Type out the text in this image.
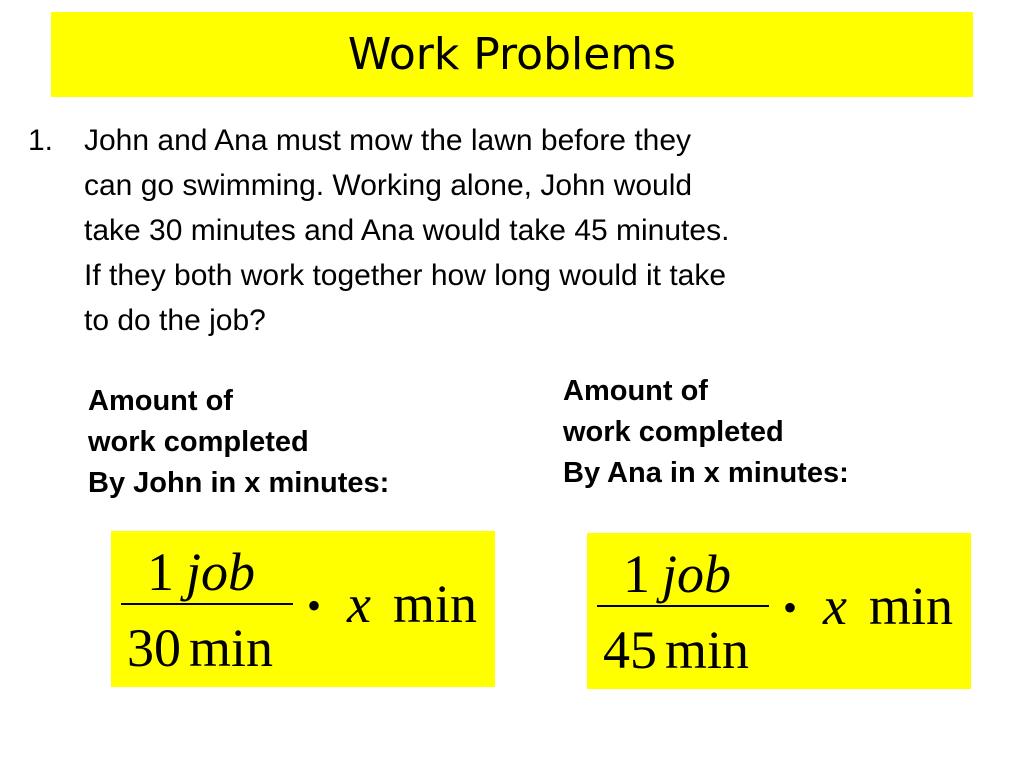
Work Problems
1. John and Ana must mow the lawn before they
can go swimming. Working alone, John would
take 30 minutes and Ana would take 45 minutes.
If they both work together how long would it take
to do the job?
Amount of
work completed
By John in x minutes:
Amount of
work completed
By Ana in x minutes:
1 job
30 min
• x min	1 job
45 min
• x min
